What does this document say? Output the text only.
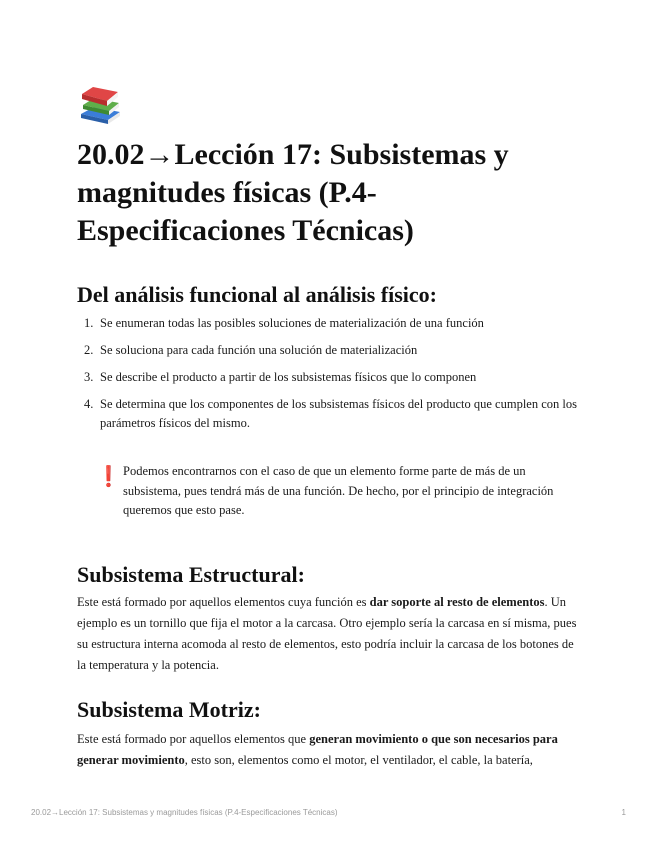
20.02→Lección 17: Subsistemas y magnitudes físicas (P.4-Especificaciones Técnicas)
Del análisis funcional al análisis físico:
1. Se enumeran todas las posibles soluciones de materialización de una función
2. Se soluciona para cada función una solución de materialización
3. Se describe el producto a partir de los subsistemas físicos que lo componen
4. Se determina que los componentes de los subsistemas físicos del producto que cumplen con los parámetros físicos del mismo.
❗ Podemos encontrarnos con el caso de que un elemento forme parte de más de un subsistema, pues tendrá más de una función. De hecho, por el principio de integración queremos que esto pase.
Subsistema Estructural:

Este está formado por aquellos elementos cuya función es dar soporte al resto de elementos. Un ejemplo es un tornillo que fija el motor a la carcasa. Otro ejemplo sería la carcasa en sí misma, pues su estructura interna acomoda al resto de elementos, esto podría incluir la carcasa de los botones de la temperatura y la potencia.

Subsistema Motriz:

Este está formado por aquellos elementos que generan movimiento o que son necesarios para generar movimiento, esto son, elementos como el motor, el ventilador, el cable, la batería,

20.02→Lección 17: Subsistemas y magnitudes físicas (P.4-Especificaciones Técnicas)	1
